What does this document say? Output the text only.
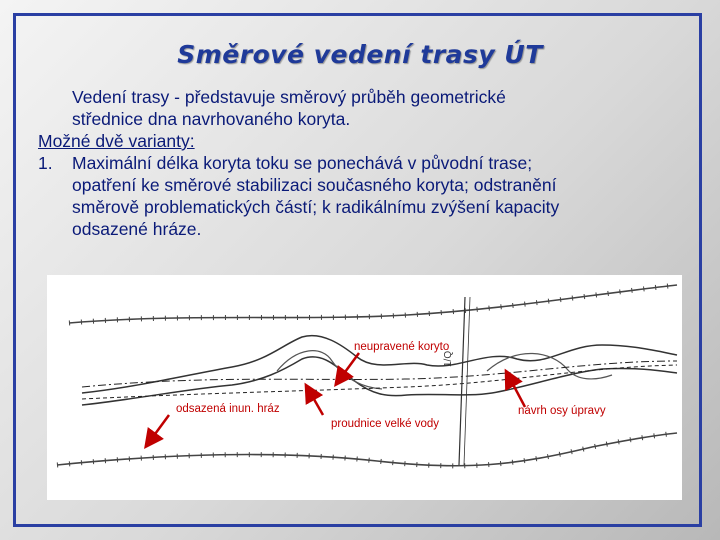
Směrové vedení trasy ÚT
Vedení trasy - představuje směrový průběh geometrické
střednice dna navrhovaného koryta.
Možné dvě varianty:
1. Maximální délka koryta toku se ponechává v původní trase;
opatření ke směrové stabilizaci současného koryta; odstranění
směrově problematických částí; k radikálnímu zvýšení kapacity
odsazené hráze.
1/Q
neupravené koryto
odsazená inun. hráz
proudnice velké vody
návrh osy úpravy
